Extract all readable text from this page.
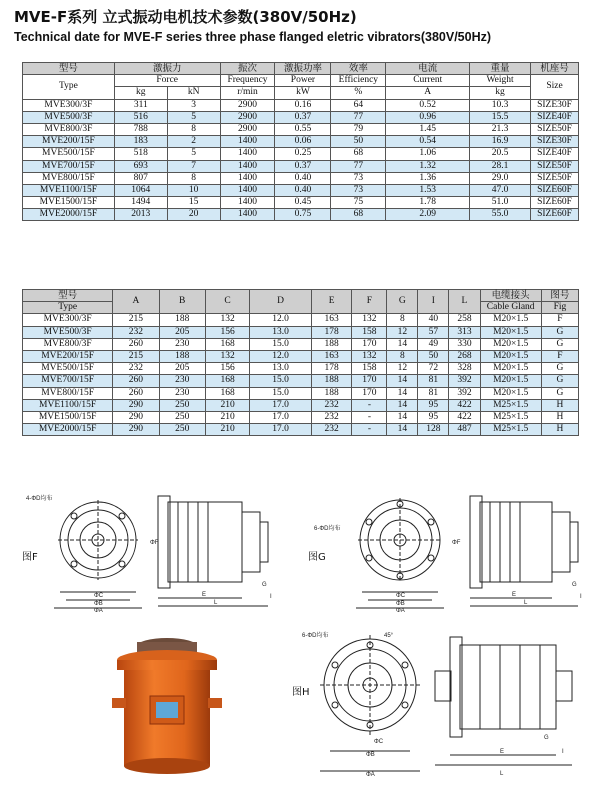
MVE-F系列 立式振动电机技术参数(380V/50Hz)
Technical date for MVE-F series three phase flanged eletric vibrators(380V/50Hz)
型号	激振力		振次	激振功率	效率	电流	重量	机座号
Type	Force		Frequency	Power	Efficiency	Current	Weight	Size
	kg	kN	r/min	kW	%	A	kg	
MVE300/3F	311	3	2900	0.16	64	0.52	10.3	SIZE30F
MVE500/3F	516	5	2900	0.37	77	0.96	15.5	SIZE40F
MVE800/3F	788	8	2900	0.55	79	1.45	21.3	SIZE50F
MVE200/15F	183	2	1400	0.06	50	0.54	16.9	SIZE30F
MVE500/15F	518	5	1400	0.25	68	1.06	20.5	SIZE40F
MVE700/15F	693	7	1400	0.37	77	1.32	28.1	SIZE50F
MVE800/15F	807	8	1400	0.40	73	1.36	29.0	SIZE50F
MVE1100/15F	1064	10	1400	0.40	73	1.53	47.0	SIZE60F
MVE1500/15F	1494	15	1400	0.45	75	1.78	51.0	SIZE60F
MVE2000/15F	2013	20	1400	0.75	68	2.09	55.0	SIZE60F
型号	A	B	C	D	E	F	G	I	L	电缆接头	图号
Type										Cable Gland	Fig
MVE300/3F	215	188	132	12.0	163	132	8	40	258	M20×1.5	F
MVE500/3F	232	205	156	13.0	178	158	12	57	313	M20×1.5	G
MVE800/3F	260	230	168	15.0	188	170	14	49	330	M20×1.5	G
MVE200/15F	215	188	132	12.0	163	132	8	50	268	M20×1.5	F
MVE500/15F	232	205	156	13.0	178	158	12	72	328	M20×1.5	G
MVE700/15F	260	230	168	15.0	188	170	14	81	392	M20×1.5	G
MVE800/15F	260	230	168	15.0	188	170	14	81	392	M20×1.5	G
MVE1100/15F	290	250	210	17.0	232	-	14	95	422	M25×1.5	H
MVE1500/15F	290	250	210	17.0	232	-	14	95	422	M25×1.5	H
MVE2000/15F	290	250	210	17.0	232	-	14	128	487	M25×1.5	H
4-ΦD均布
ΦF
ΦC
ΦB
ΦA
E
L
G
I
图F
6-ΦD均布
ΦF
ΦC
ΦB
ΦA
E
L
G
I
图G
6-ΦD均布	45°
ΦC
ΦB
ΦA
E
L
G
I
图H
